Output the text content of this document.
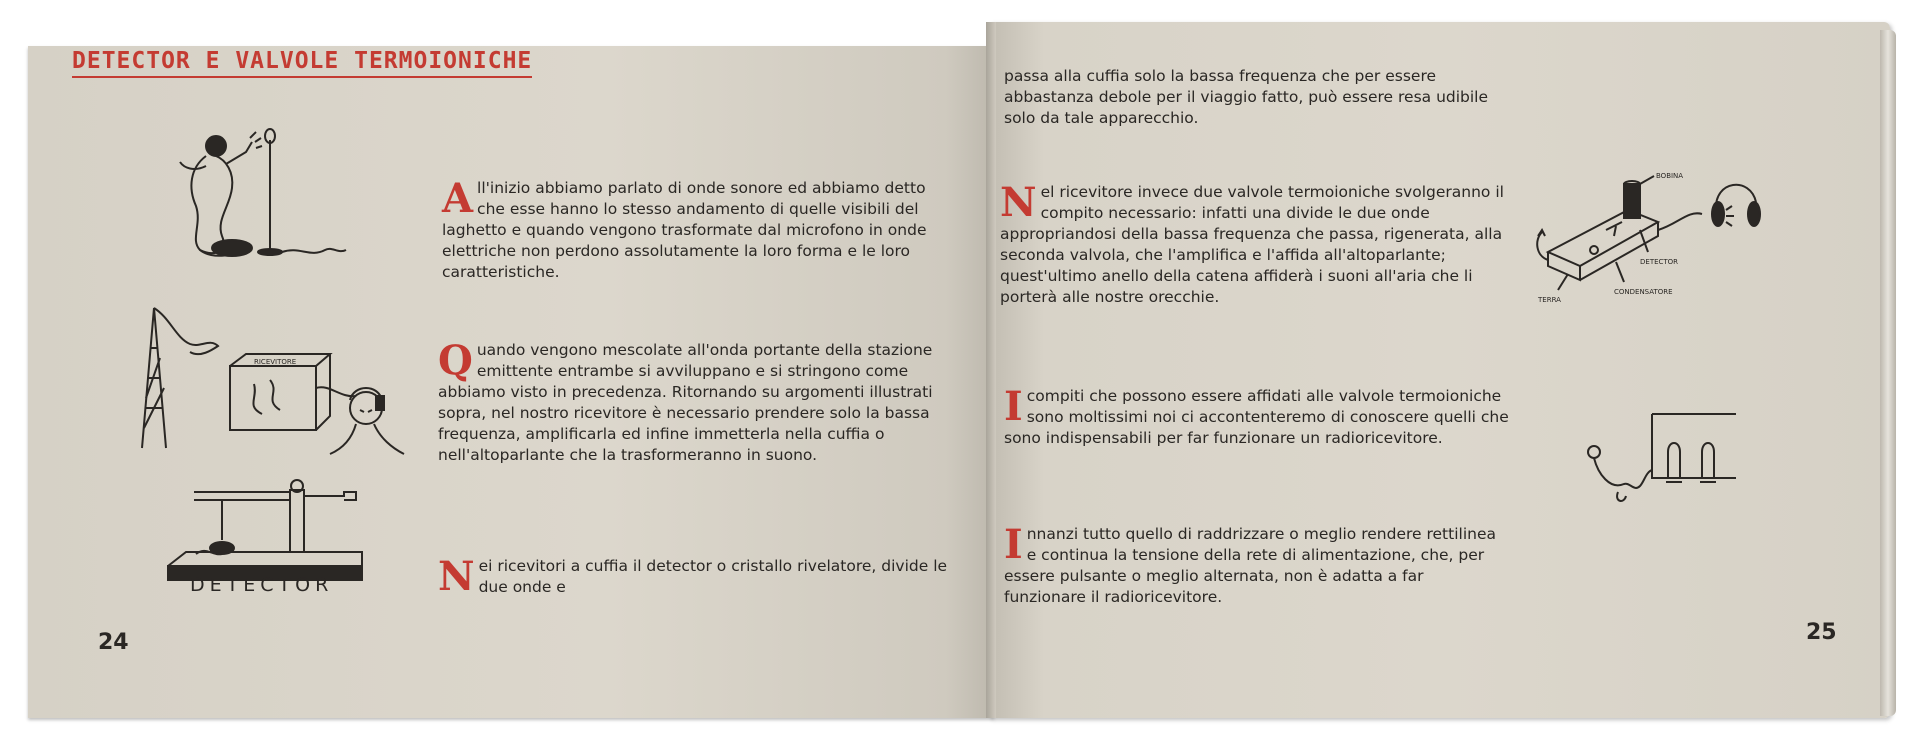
DETECTOR E VALVOLE TERMOIONICHE
RICEVITORE
DETECTOR
All'inizio abbiamo parlato di onde sonore ed abbiamo detto che esse hanno lo stesso andamento di quelle visibili del laghetto e quando vengono trasformate dal microfono in onde elettriche non perdono assolutamente la loro forma e le loro caratteristiche.
Quando vengono mescolate all'onda portante della stazione emittente entrambe si avviluppano e si stringono come abbiamo visto in precedenza. Ritornando su argomenti illustrati sopra, nel nostro ricevitore è necessario prendere solo la bassa frequenza, amplificarla ed infine immetterla nella cuffia o nell'altoparlante che la trasformeranno in suono.
Nei ricevitori a cuffia il detector o cristallo rivelatore, divide le due onde e
24
passa alla cuffia solo la bassa frequenza che per essere abbastanza debole per il viaggio fatto, può essere resa udibile solo da tale apparecchio.
Nel ricevitore invece due valvole termoioniche svolgeranno il compito necessario: infatti una divide le due onde appropriandosi della bassa frequenza che passa, rigenerata, alla seconda valvola, che l'amplifica e l'affida all'altoparlante; quest'ultimo anello della catena affiderà i suoni all'aria che li porterà alle nostre orecchie.
I compiti che possono essere affidati alle valvole termoioniche sono moltissimi noi ci accontenteremo di conoscere quelli che sono indispensabili per far funzionare un radioricevitore.
Innanzi tutto quello di raddrizzare o meglio rendere rettilinea e continua la tensione della rete di alimentazione, che, per essere pulsante o meglio alternata, non è adatta a far funzionare il radioricevitore.
BOBINA
DETECTOR
TERRA
CONDENSATORE
25
